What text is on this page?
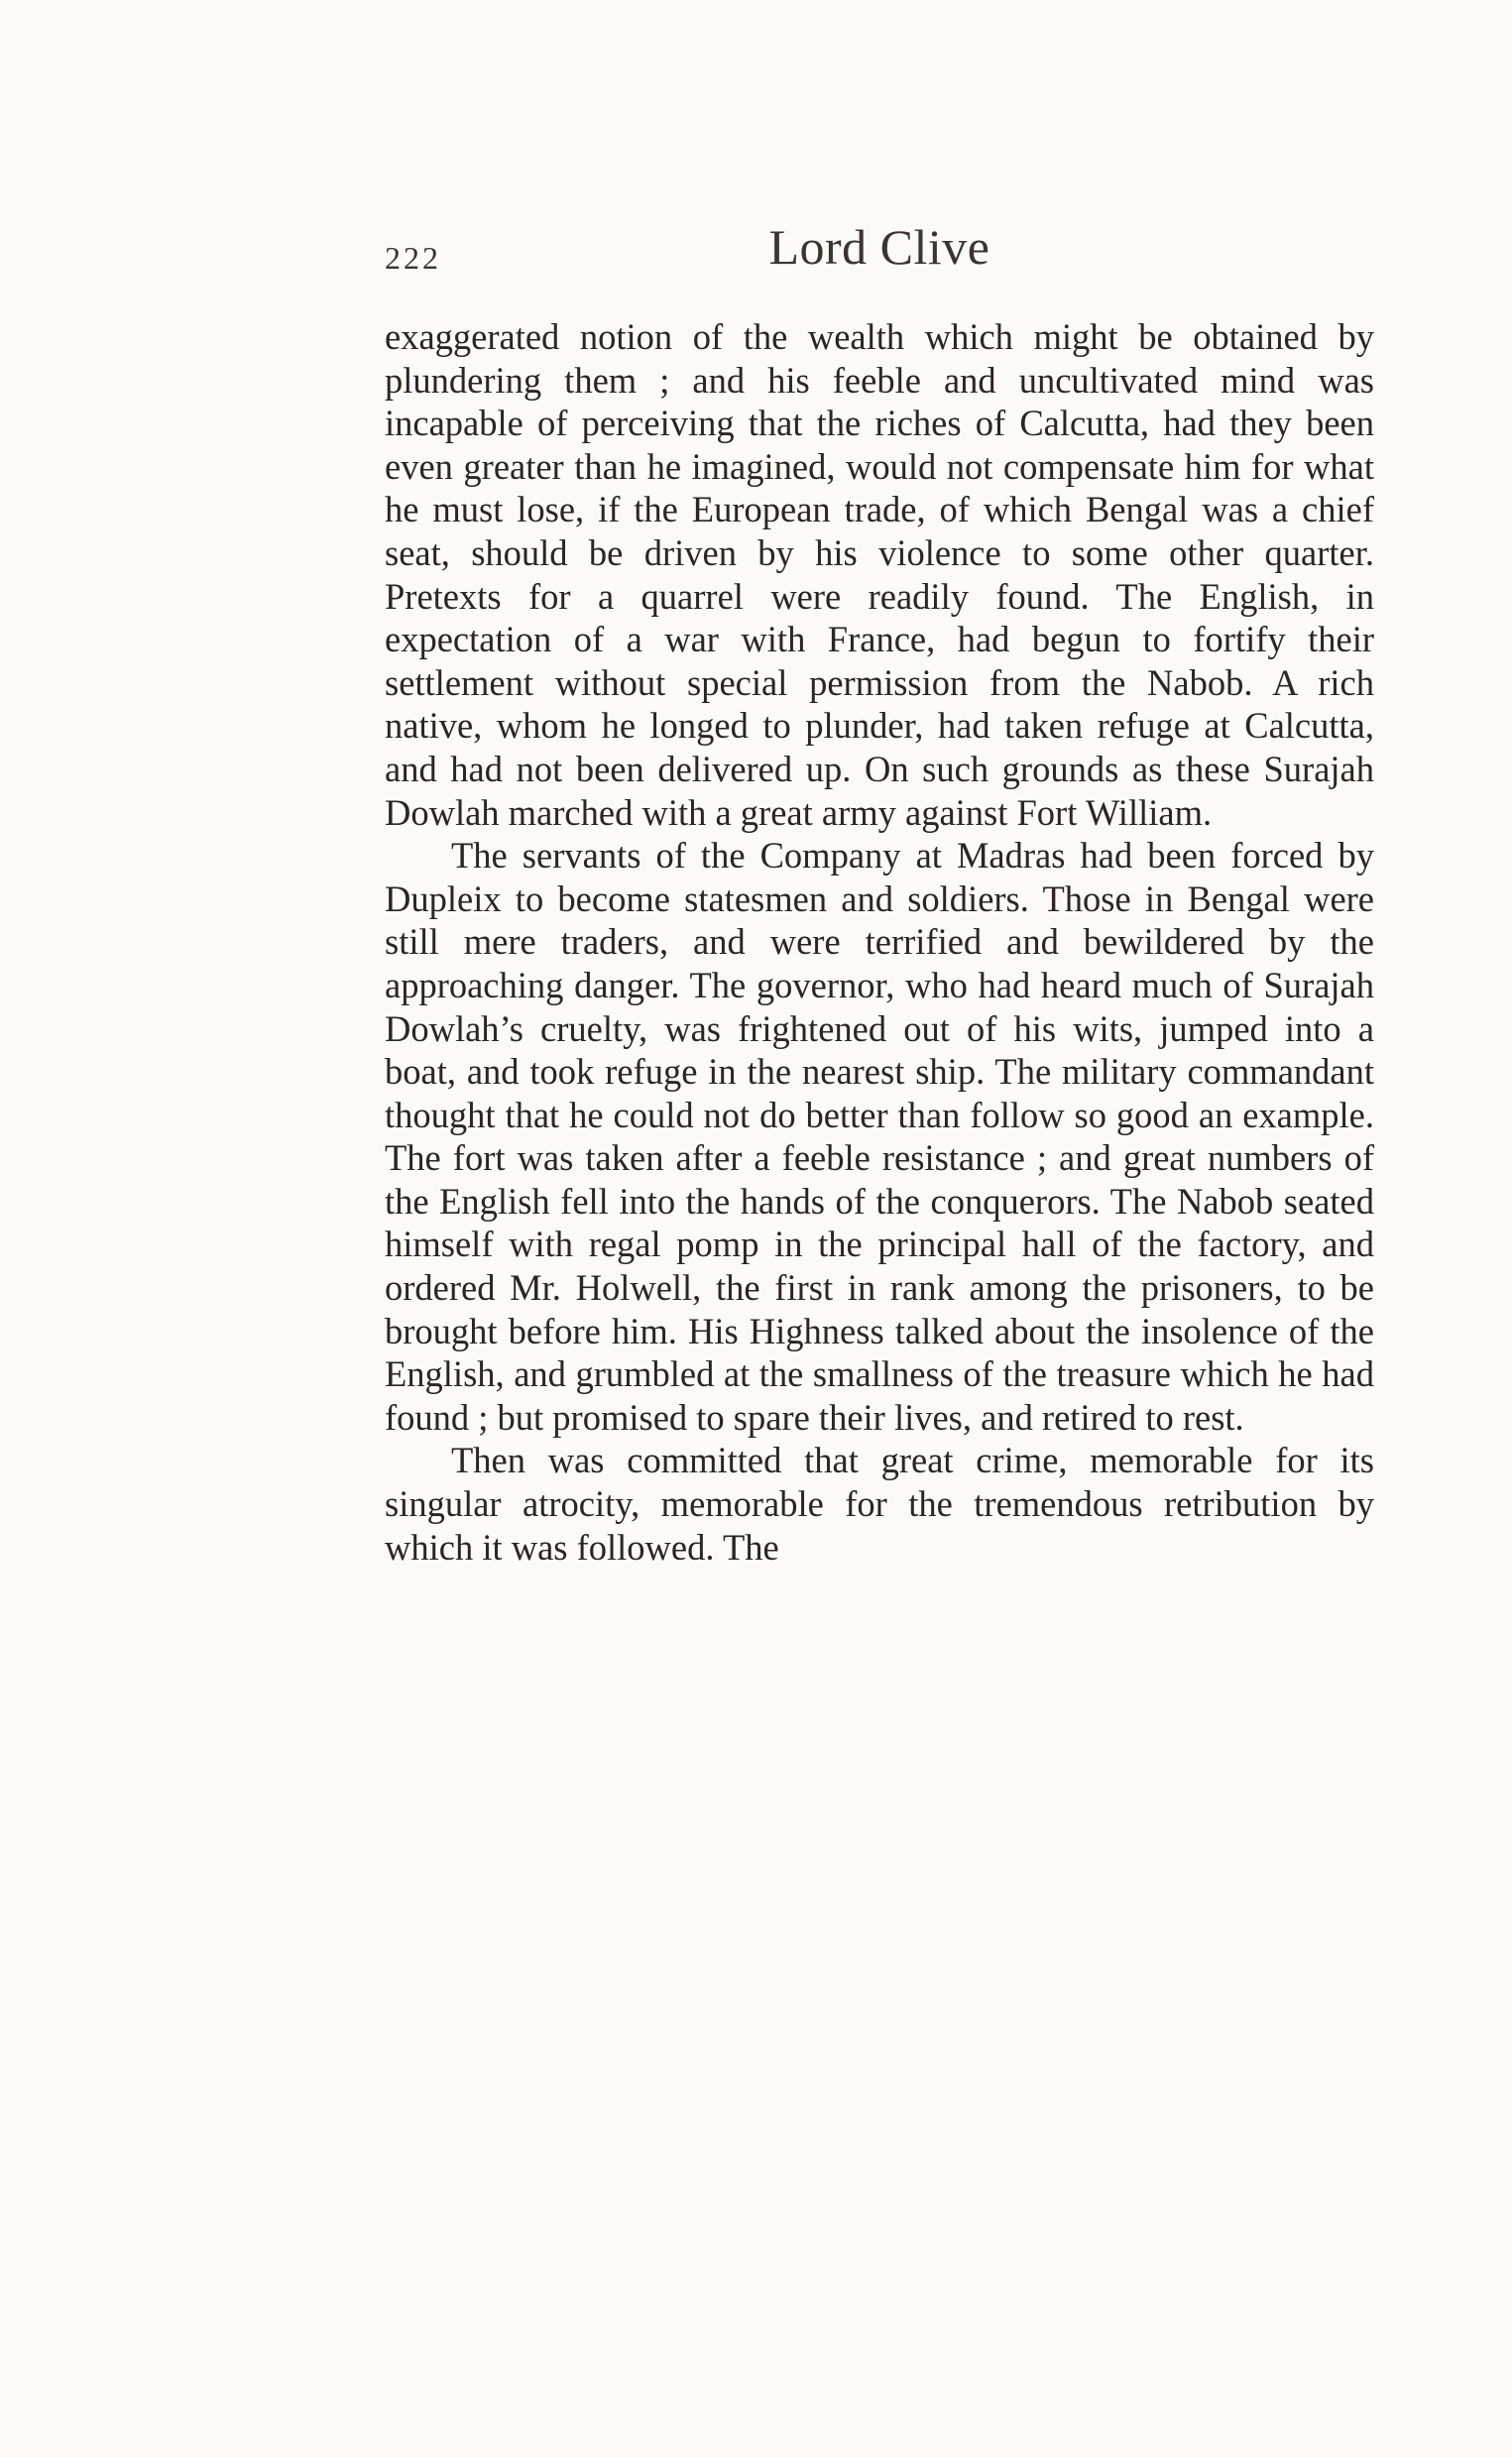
222	Lord Clive

exaggerated notion of the wealth which might be obtained by plundering them ; and his feeble and uncultivated mind was incapable of perceiving that the riches of Calcutta, had they been even greater than he imagined, would not compensate him for what he must lose, if the European trade, of which Bengal was a chief seat, should be driven by his violence to some other quarter. Pretexts for a quarrel were readily found. The English, in expectation of a war with France, had begun to fortify their settlement without special permission from the Nabob. A rich native, whom he longed to plunder, had taken refuge at Calcutta, and had not been delivered up. On such grounds as these Surajah Dowlah marched with a great army against Fort William.

The servants of the Company at Madras had been forced by Dupleix to become statesmen and soldiers. Those in Bengal were still mere traders, and were terrified and bewildered by the approaching danger. The governor, who had heard much of Surajah Dowlah’s cruelty, was frightened out of his wits, jumped into a boat, and took refuge in the nearest ship. The military commandant thought that he could not do better than follow so good an example. The fort was taken after a feeble resistance ; and great numbers of the English fell into the hands of the conquerors. The Nabob seated himself with regal pomp in the principal hall of the factory, and ordered Mr. Holwell, the first in rank among the prisoners, to be brought before him. His Highness talked about the insolence of the English, and grumbled at the smallness of the treasure which he had found ; but promised to spare their lives, and retired to rest.

Then was committed that great crime, memorable for its singular atrocity, memorable for the tremendous retribution by which it was followed. The
